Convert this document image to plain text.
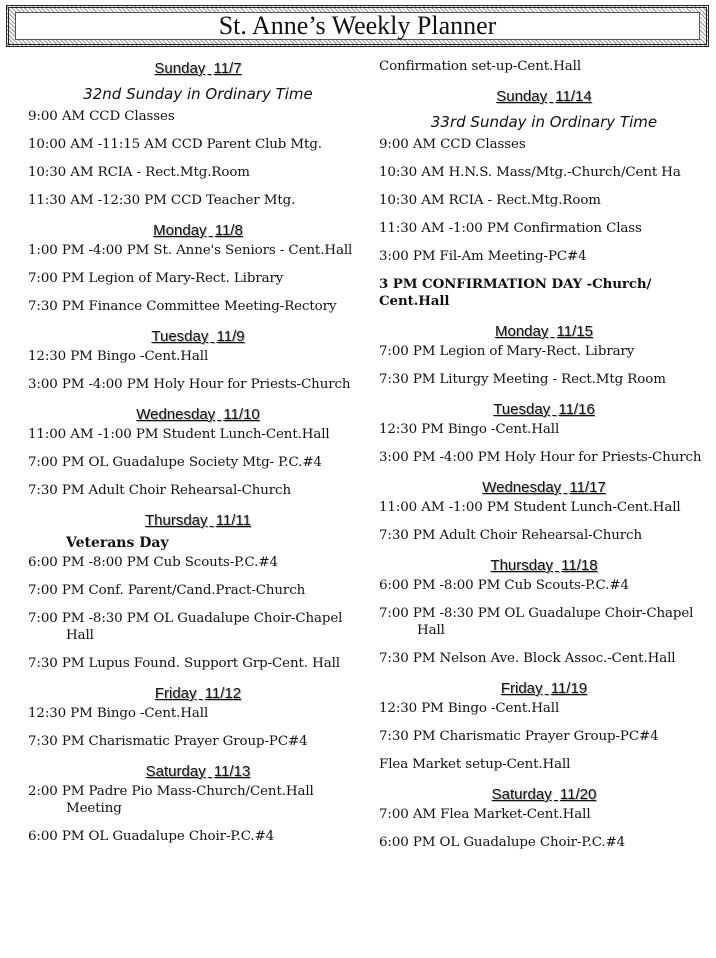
St. Anne’s Weekly Planner
Sunday 11/7
32nd Sunday in Ordinary Time
9:00 AM CCD Classes
10:00 AM -11:15 AM CCD Parent Club Mtg.
10:30 AM RCIA - Rect.Mtg.Room
11:30 AM -12:30 PM CCD Teacher Mtg.
Monday 11/8
1:00 PM -4:00 PM St. Anne's Seniors - Cent.Hall
7:00 PM Legion of Mary-Rect. Library
7:30 PM Finance Committee Meeting-Rectory
Tuesday 11/9
12:30 PM Bingo -Cent.Hall
3:00 PM -4:00 PM Holy Hour for Priests-Church
Wednesday 11/10
11:00 AM -1:00 PM Student Lunch-Cent.Hall
7:00 PM OL Guadalupe Society Mtg- P.C.#4
7:30 PM Adult Choir Rehearsal-Church
Thursday 11/11
Veterans Day
6:00 PM -8:00 PM Cub Scouts-P.C.#4
7:00 PM Conf. Parent/Cand.Pract-Church
7:00 PM -8:30 PM OL Guadalupe Choir-Chapel Hall
7:30 PM Lupus Found. Support Grp-Cent. Hall
Friday 11/12
12:30 PM Bingo -Cent.Hall
7:30 PM Charismatic Prayer Group-PC#4
Saturday 11/13
2:00 PM Padre Pio Mass-Church/Cent.Hall Meeting
6:00 PM OL Guadalupe Choir-P.C.#4
Confirmation set-up-Cent.Hall
Sunday 11/14
33rd Sunday in Ordinary Time
9:00 AM CCD Classes
10:30 AM H.N.S. Mass/Mtg.-Church/Cent Ha
10:30 AM RCIA - Rect.Mtg.Room
11:30 AM -1:00 PM Confirmation Class
3:00 PM Fil-Am Meeting-PC#4
3 PM CONFIRMATION DAY -Church/ Cent.Hall
Monday 11/15
7:00 PM Legion of Mary-Rect. Library
7:30 PM Liturgy Meeting - Rect.Mtg Room
Tuesday 11/16
12:30 PM Bingo -Cent.Hall
3:00 PM -4:00 PM Holy Hour for Priests-Church
Wednesday 11/17
11:00 AM -1:00 PM Student Lunch-Cent.Hall
7:30 PM Adult Choir Rehearsal-Church
Thursday 11/18
6:00 PM -8:00 PM Cub Scouts-P.C.#4
7:00 PM -8:30 PM OL Guadalupe Choir-Chapel Hall
7:30 PM Nelson Ave. Block Assoc.-Cent.Hall
Friday 11/19
12:30 PM Bingo -Cent.Hall
7:30 PM Charismatic Prayer Group-PC#4
Flea Market setup-Cent.Hall
Saturday 11/20
7:00 AM Flea Market-Cent.Hall
6:00 PM OL Guadalupe Choir-P.C.#4
